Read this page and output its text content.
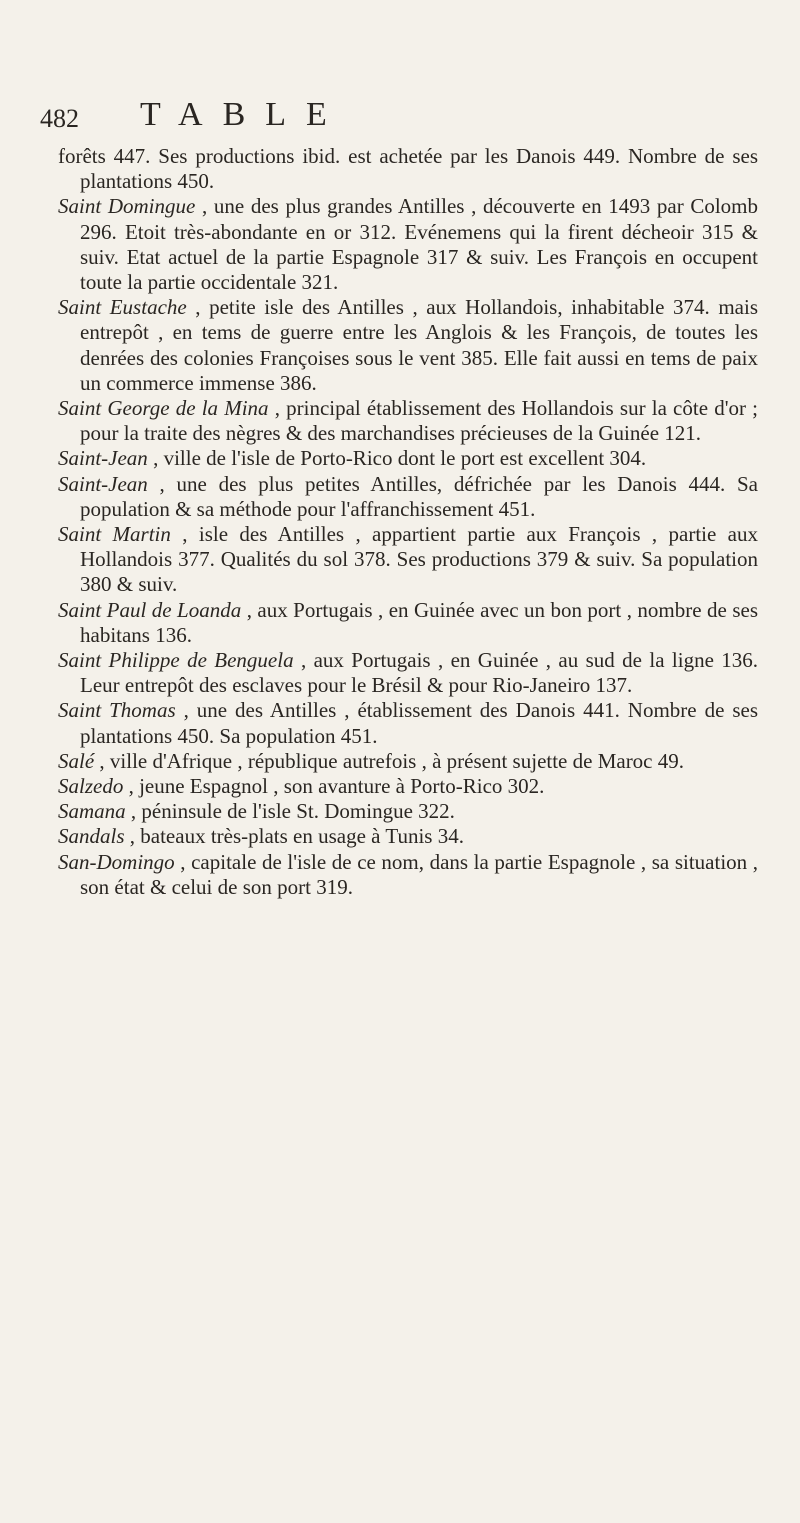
482 TABLE

forêts 447. Ses productions ibid. est achetée par les Danois 449. Nombre de ses plantations 450.

Saint Domingue , une des plus grandes Antilles , découverte en 1493 par Colomb 296. Etoit très-abondante en or 312. Evénemens qui la firent décheoir 315 & suiv. Etat actuel de la partie Espagnole 317 & suiv. Les François en occupent toute la partie occidentale 321.

Saint Eustache , petite isle des Antilles , aux Hollandois, inhabitable 374. mais entrepôt , en tems de guerre entre les Anglois & les François, de toutes les denrées des colonies Françoises sous le vent 385. Elle fait aussi en tems de paix un commerce immense 386.

Saint George de la Mina , principal établissement des Hollandois sur la côte d'or ; pour la traite des nègres & des marchandises précieuses de la Guinée 121.

Saint-Jean , ville de l'isle de Porto-Rico dont le port est excellent 304.

Saint-Jean , une des plus petites Antilles, défrichée par les Danois 444. Sa population & sa méthode pour l'affranchissement 451.

Saint Martin , isle des Antilles , appartient partie aux François , partie aux Hollandois 377. Qualités du sol 378. Ses productions 379 & suiv. Sa population 380 & suiv.

Saint Paul de Loanda , aux Portugais , en Guinée avec un bon port , nombre de ses habitans 136.

Saint Philippe de Benguela , aux Portugais , en Guinée , au sud de la ligne 136. Leur entrepôt des esclaves pour le Brésil & pour Rio-Janeiro 137.

Saint Thomas , une des Antilles , établissement des Danois 441. Nombre de ses plantations 450. Sa population 451.

Salé , ville d'Afrique , république autrefois , à présent sujette de Maroc 49.

Salzedo , jeune Espagnol , son avanture à Porto-Rico 302.

Samana , péninsule de l'isle St. Domingue 322.

Sandals , bateaux très-plats en usage à Tunis 34.

San-Domingo , capitale de l'isle de ce nom, dans la partie Espagnole , sa situation , son état & celui de son port 319.
